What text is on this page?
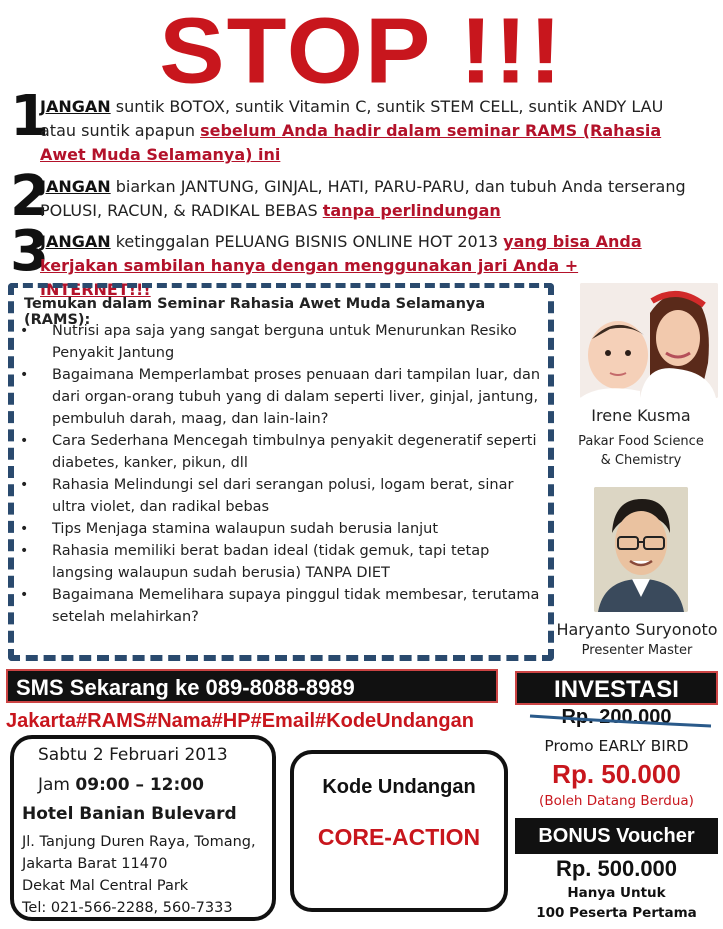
STOP !!!
1
JANGAN suntik BOTOX, suntik Vitamin C, suntik STEM CELL, suntik ANDY LAU atau suntik apapun sebelum Anda hadir dalam seminar RAMS (Rahasia Awet Muda Selamanya) ini
2
JANGAN biarkan JANTUNG, GINJAL, HATI, PARU-PARU, dan tubuh Anda terserang POLUSI, RACUN, & RADIKAL BEBAS tanpa perlindungan
3
JANGAN ketinggalan PELUANG BISNIS ONLINE HOT 2013 yang bisa Anda kerjakan sambilan hanya dengan menggunakan jari Anda + INTERNET!!!
Temukan dalam Seminar Rahasia Awet Muda Selamanya (RAMS):
• Nutrisi apa saja yang sangat berguna untuk Menurunkan Resiko Penyakit Jantung
• Bagaimana Memperlambat proses penuaan dari tampilan luar, dan dari organ-orang tubuh yang di dalam seperti liver, ginjal, jantung, pembuluh darah, maag, dan lain-lain?
• Cara Sederhana Mencegah timbulnya penyakit degeneratif seperti diabetes, kanker, pikun, dll
• Rahasia Melindungi sel dari serangan polusi, logam berat, sinar ultra violet, dan radikal bebas
• Tips Menjaga stamina walaupun sudah berusia lanjut
• Rahasia memiliki berat badan ideal (tidak gemuk, tapi tetap langsing walaupun sudah berusia) TANPA DIET
• Bagaimana Memelihara supaya pinggul tidak membesar, terutama setelah melahirkan?
Irene Kusma
Pakar Food Science
& Chemistry
Haryanto Suryonoto
Presenter Master
SMS Sekarang ke 089-8088-8989
Jakarta#RAMS#Nama#HP#Email#KodeUndangan
Sabtu 2 Februari 2013
Jam 09:00 – 12:00
Hotel Banian Bulevard
Jl. Tanjung Duren Raya, Tomang,
Jakarta Barat 11470
Dekat Mal Central Park
Tel: 021-566-2288, 560-7333
Kode Undangan
CORE-ACTION
INVESTASI
Rp. 200.000
Promo EARLY BIRD
Rp. 50.000
(Boleh Datang Berdua)
BONUS Voucher
Rp. 500.000
Hanya Untuk
100 Peserta Pertama
